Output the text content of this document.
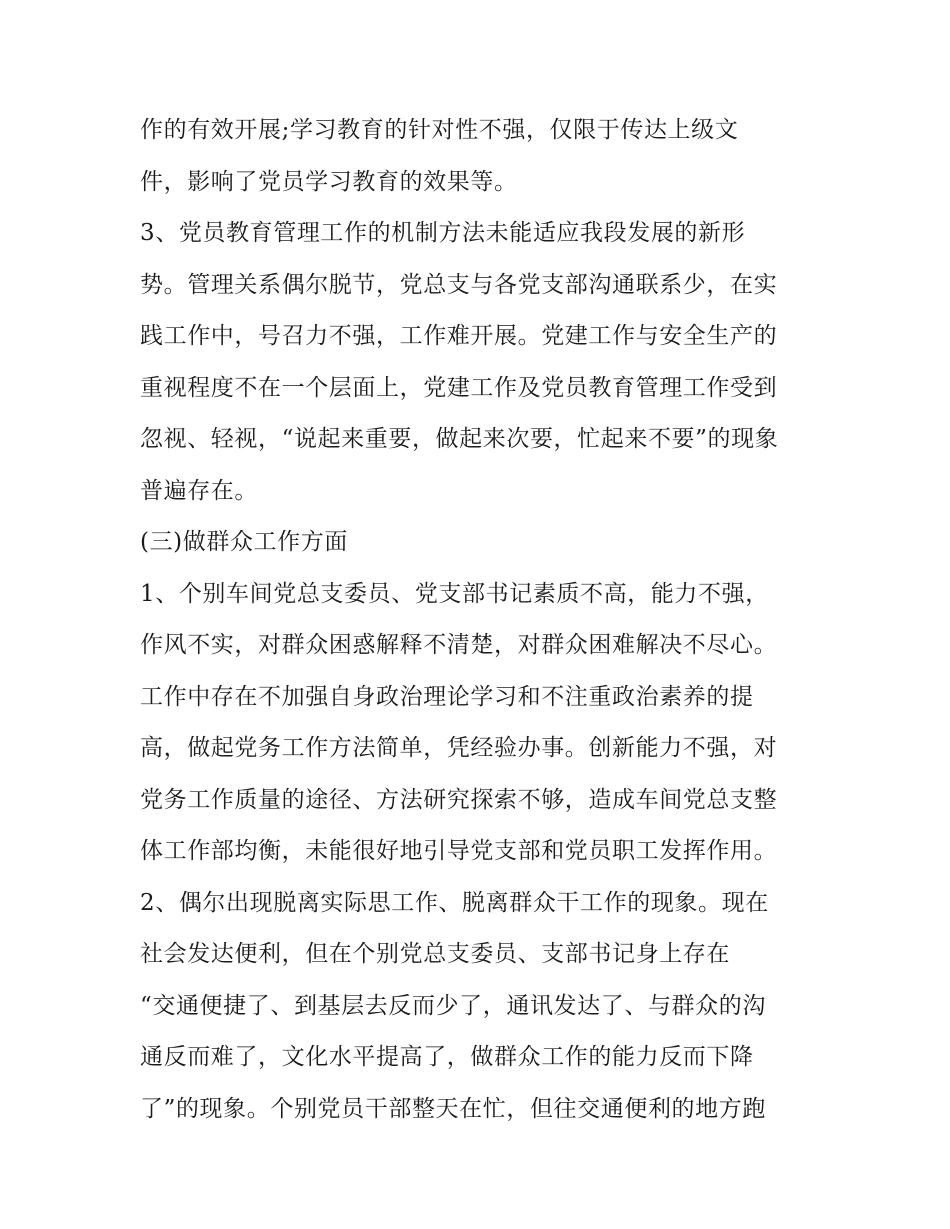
作的有效开展;学习教育的针对性不强，仅限于传达上级文
件，影响了党员学习教育的效果等。
3、党员教育管理工作的机制方法未能适应我段发展的新形
势。管理关系偶尔脱节，党总支与各党支部沟通联系少，在实
践工作中，号召力不强，工作难开展。党建工作与安全生产的
重视程度不在一个层面上，党建工作及党员教育管理工作受到
忽视、轻视，“说起来重要，做起来次要，忙起来不要”的现象
普遍存在。
(三)做群众工作方面
1、个别车间党总支委员、党支部书记素质不高，能力不强，
作风不实，对群众困惑解释不清楚，对群众困难解决不尽心。
工作中存在不加强自身政治理论学习和不注重政治素养的提
高，做起党务工作方法简单，凭经验办事。创新能力不强，对
党务工作质量的途径、方法研究探索不够，造成车间党总支整
体工作部均衡，未能很好地引导党支部和党员职工发挥作用。
2、偶尔出现脱离实际思工作、脱离群众干工作的现象。现在
社会发达便利，但在个别党总支委员、支部书记身上存在
“交通便捷了、到基层去反而少了，通讯发达了、与群众的沟
通反而难了，文化水平提高了，做群众工作的能力反而下降
了”的现象。个别党员干部整天在忙，但往交通便利的地方跑
